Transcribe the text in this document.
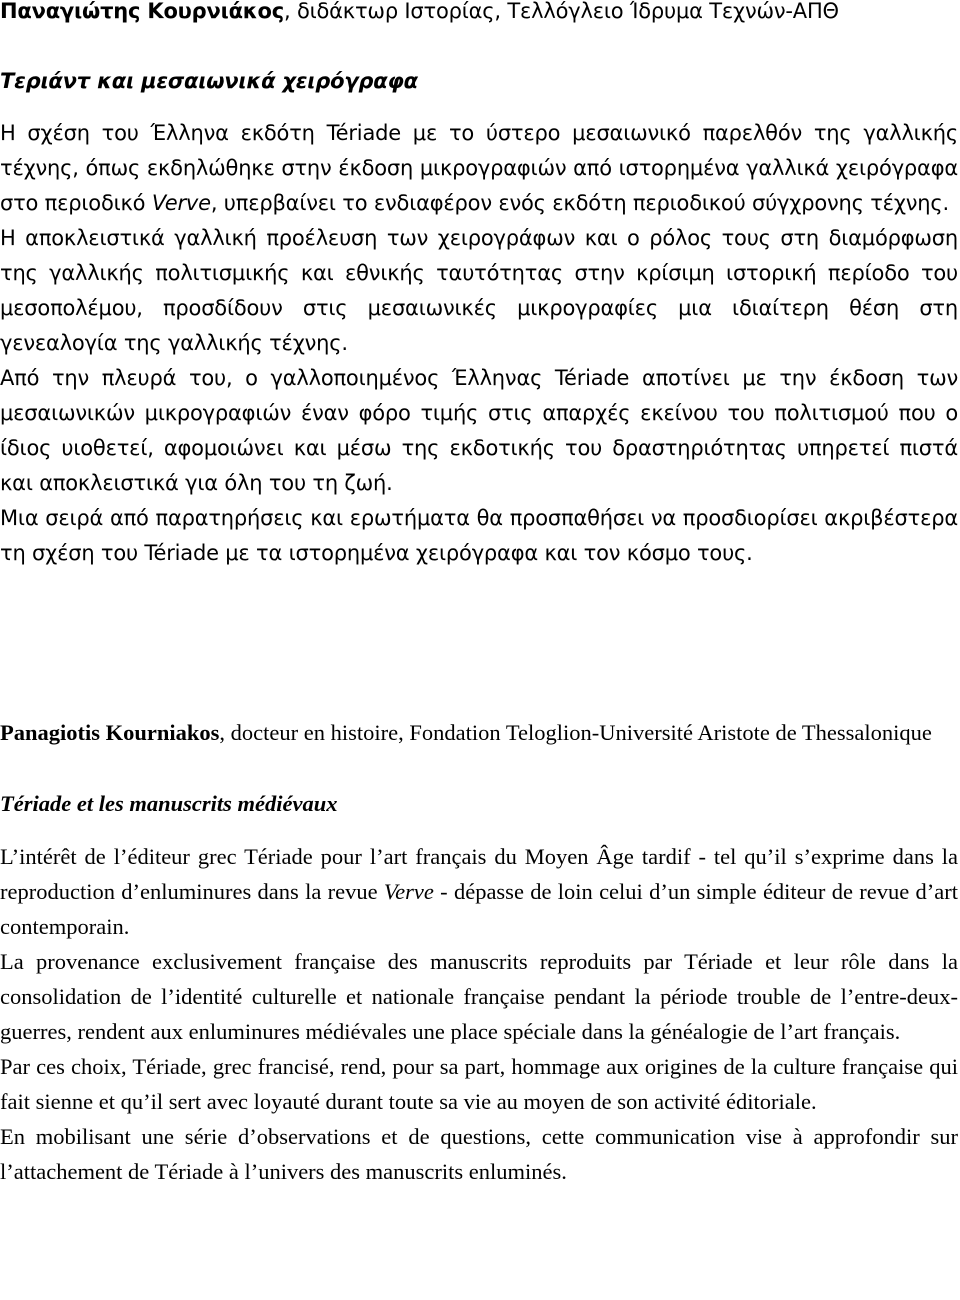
Παναγιώτης Κουρνιάκος, διδάκτωρ Ιστορίας, Τελλόγλειο Ίδρυμα Τεχνών-ΑΠΘ

Τεριάντ και μεσαιωνικά χειρόγραφα

Η σχέση του Έλληνα εκδότη Tériade με το ύστερο μεσαιωνικό παρελθόν της γαλλικής τέχνης, όπως εκδηλώθηκε στην έκδοση μικρογραφιών από ιστορημένα γαλλικά χειρόγραφα στο περιοδικό Verve, υπερβαίνει το ενδιαφέρον ενός εκδότη περιοδικού σύγχρονης τέχνης.

Η αποκλειστικά γαλλική προέλευση των χειρογράφων και ο ρόλος τους στη διαμόρφωση της γαλλικής πολιτισμικής και εθνικής ταυτότητας στην κρίσιμη ιστορική περίοδο του μεσοπολέμου, προσδίδουν στις μεσαιωνικές μικρογραφίες μια ιδιαίτερη θέση στη γενεαλογία της γαλλικής τέχνης.

Από την πλευρά του, ο γαλλοποιημένος Έλληνας Tériade αποτίνει με την έκδοση των μεσαιωνικών μικρογραφιών έναν φόρο τιμής στις απαρχές εκείνου του πολιτισμού που ο ίδιος υιοθετεί, αφομοιώνει και μέσω της εκδοτικής του δραστηριότητας υπηρετεί πιστά και αποκλειστικά για όλη του τη ζωή.

Μια σειρά από παρατηρήσεις και ερωτήματα θα προσπαθήσει να προσδιορίσει ακριβέστερα τη σχέση του Tériade με τα ιστορημένα χειρόγραφα και τον κόσμο τους.

Panagiotis Kourniakos, docteur en histoire, Fondation Teloglion-Université Aristote de Thessalonique

Tériade et les manuscrits médiévaux

L’intérêt de l’éditeur grec Tériade pour l’art français du Moyen Âge tardif - tel qu’il s’exprime dans la reproduction d’enluminures dans la revue Verve - dépasse de loin celui d’un simple éditeur de revue d’art contemporain.

La provenance exclusivement française des manuscrits reproduits par Tériade et leur rôle dans la consolidation de l’identité culturelle et nationale française pendant la période trouble de l’entre-deux-guerres, rendent aux enluminures médiévales une place spéciale dans la généalogie de l’art français.

Par ces choix, Tériade, grec francisé, rend, pour sa part, hommage aux origines de la culture française qui fait sienne et qu’il sert avec loyauté durant toute sa vie au moyen de son activité éditoriale.

En mobilisant une série d’observations et de questions, cette communication vise à approfondir sur l’attachement de Tériade à l’univers des manuscrits enluminés.
